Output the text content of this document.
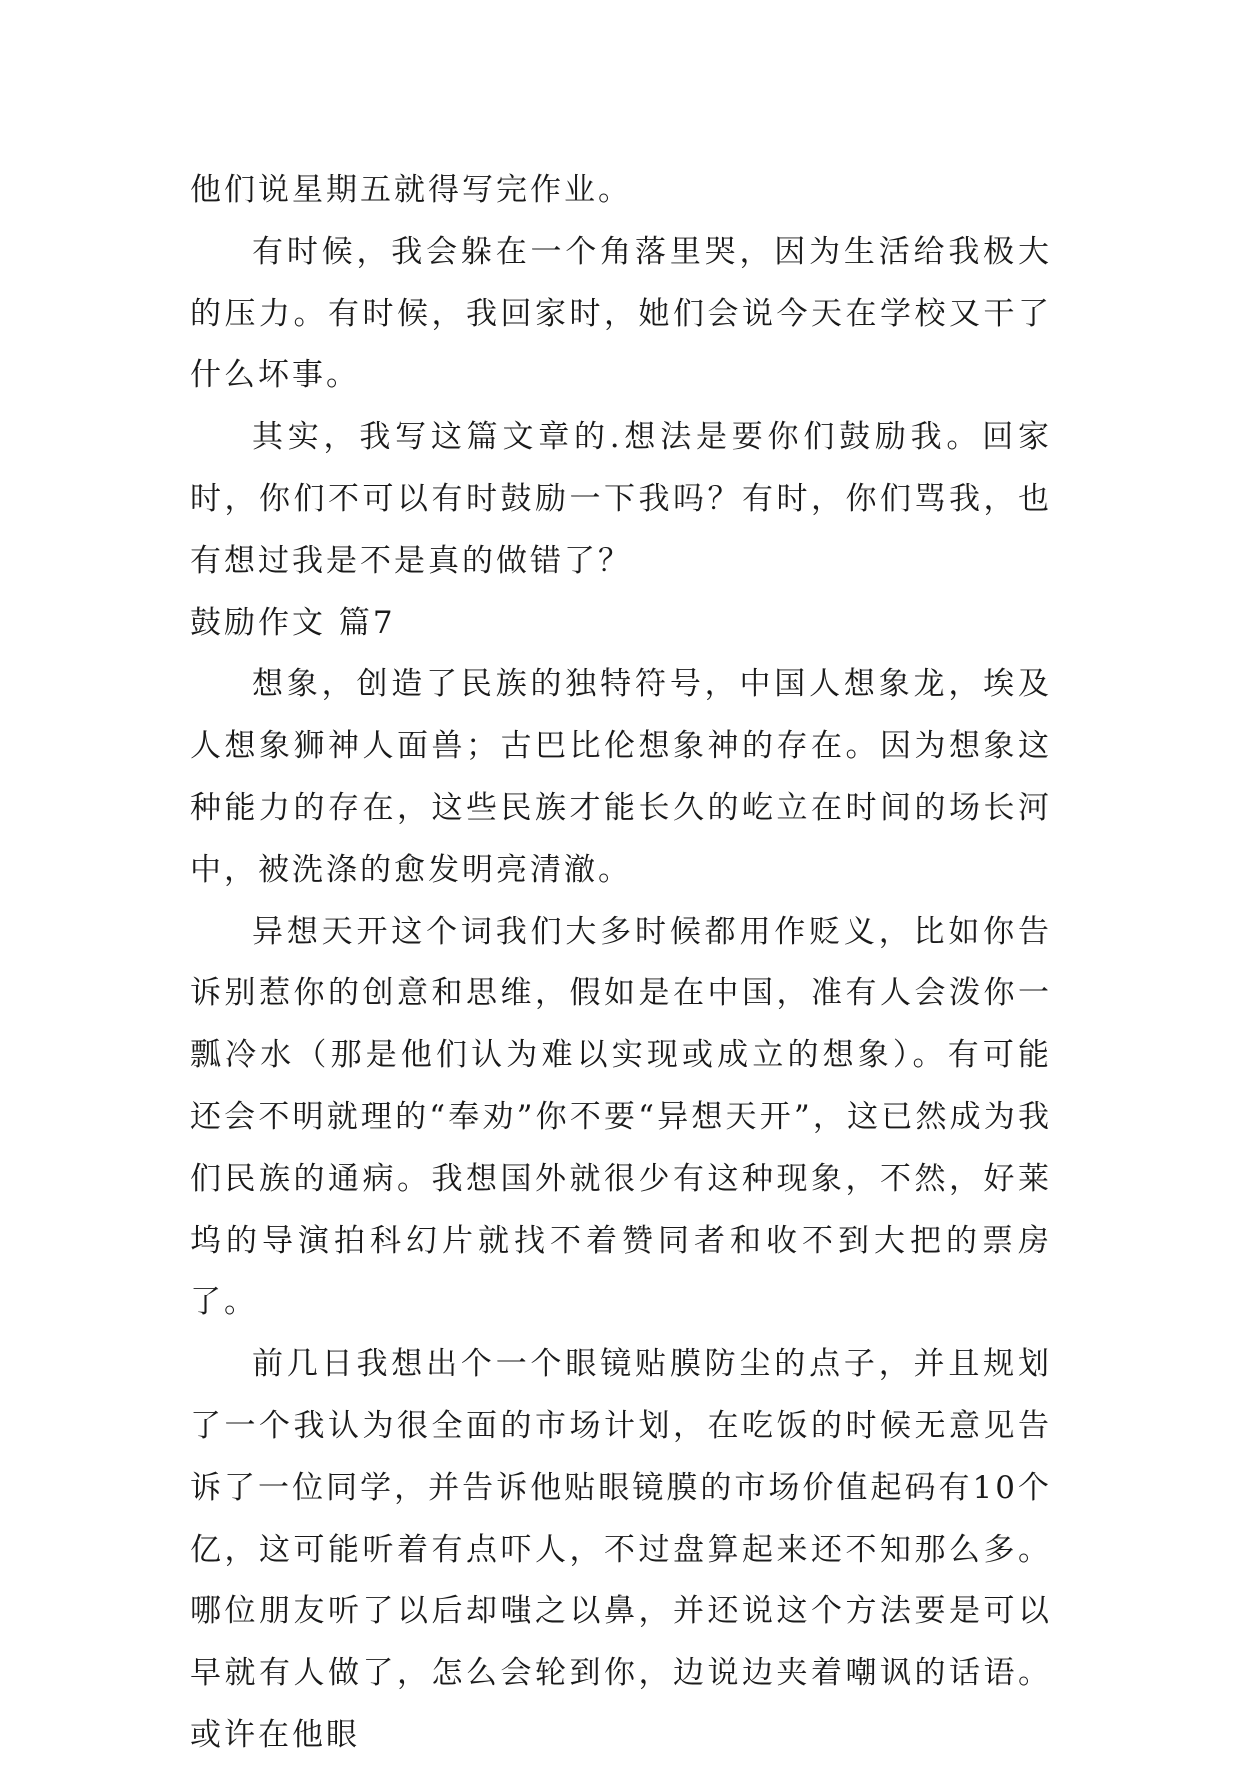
他们说星期五就得写完作业。

有时候，我会躲在一个角落里哭，因为生活给我极大的压力。有时候，我回家时，她们会说今天在学校又干了什么坏事。

其实，我写这篇文章的.想法是要你们鼓励我。回家时，你们不可以有时鼓励一下我吗？有时，你们骂我，也有想过我是不是真的做错了？

鼓励作文 篇7

想象，创造了民族的独特符号，中国人想象龙，埃及人想象狮神人面兽；古巴比伦想象神的存在。因为想象这种能力的存在，这些民族才能长久的屹立在时间的场长河中，被洗涤的愈发明亮清澈。

异想天开这个词我们大多时候都用作贬义，比如你告诉别惹你的创意和思维，假如是在中国，准有人会泼你一瓢冷水（那是他们认为难以实现或成立的想象）。有可能还会不明就理的“奉劝”你不要“异想天开”，这已然成为我们民族的通病。我想国外就很少有这种现象，不然，好莱坞的导演拍科幻片就找不着赞同者和收不到大把的票房了。

前几日我想出个一个眼镜贴膜防尘的点子，并且规划了一个我认为很全面的市场计划，在吃饭的时候无意见告诉了一位同学，并告诉他贴眼镜膜的市场价值起码有10个亿，这可能听着有点吓人，不过盘算起来还不知那么多。哪位朋友听了以后却嗤之以鼻，并还说这个方法要是可以早就有人做了，怎么会轮到你，边说边夹着嘲讽的话语。或许在他眼
